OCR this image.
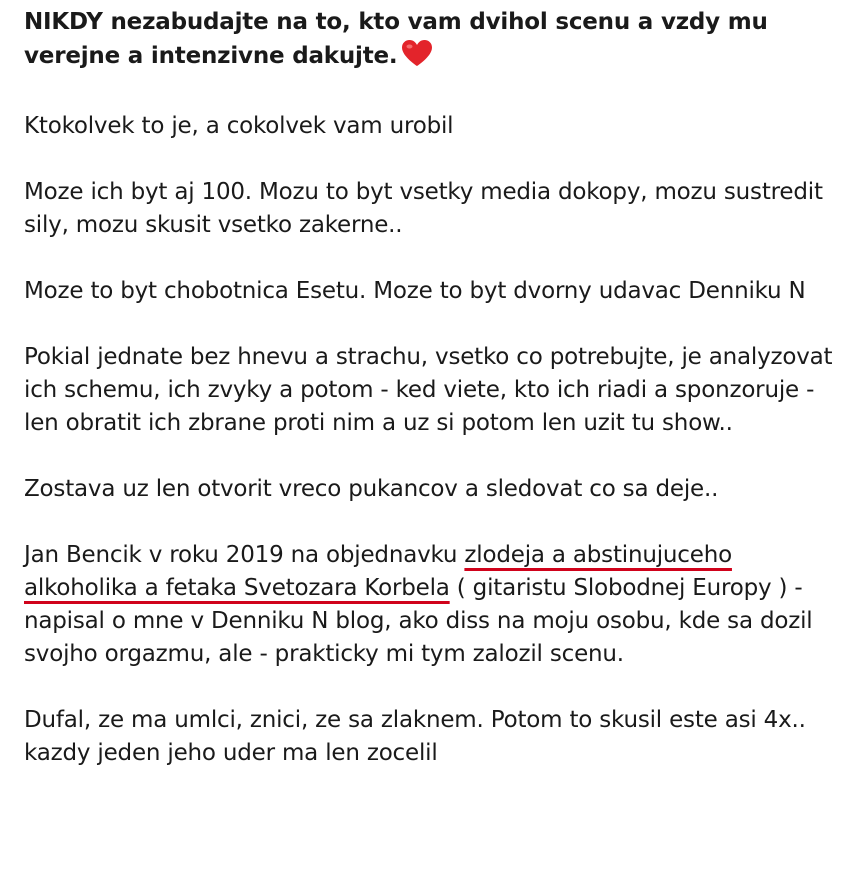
NIKDY nezabudajte na to, kto vam dvihol scenu a vzdy mu verejne a intenzivne dakujte.

Ktokolvek to je, a cokolvek vam urobil

Moze ich byt aj 100. Mozu to byt vsetky media dokopy, mozu sustredit sily, mozu skusit vsetko zakerne..

Moze to byt chobotnica Esetu. Moze to byt dvorny udavac Denniku N

Pokial jednate bez hnevu a strachu, vsetko co potrebujte, je analyzovat ich schemu, ich zvyky a potom - ked viete, kto ich riadi a sponzoruje - len obratit ich zbrane proti nim a uz si potom len uzit tu show..

Zostava uz len otvorit vreco pukancov a sledovat co sa deje..

Jan Bencik v roku 2019 na objednavku zlodeja a abstinujuceho alkoholika a fetaka Svetozara Korbela ( gitaristu Slobodnej Europy ) - napisal o mne v Denniku N blog, ako diss na moju osobu, kde sa dozil svojho orgazmu, ale - prakticky mi tym zalozil scenu.

Dufal, ze ma umlci, znici, ze sa zlaknem. Potom to skusil este asi 4x.. kazdy jeden jeho uder ma len zocelil
